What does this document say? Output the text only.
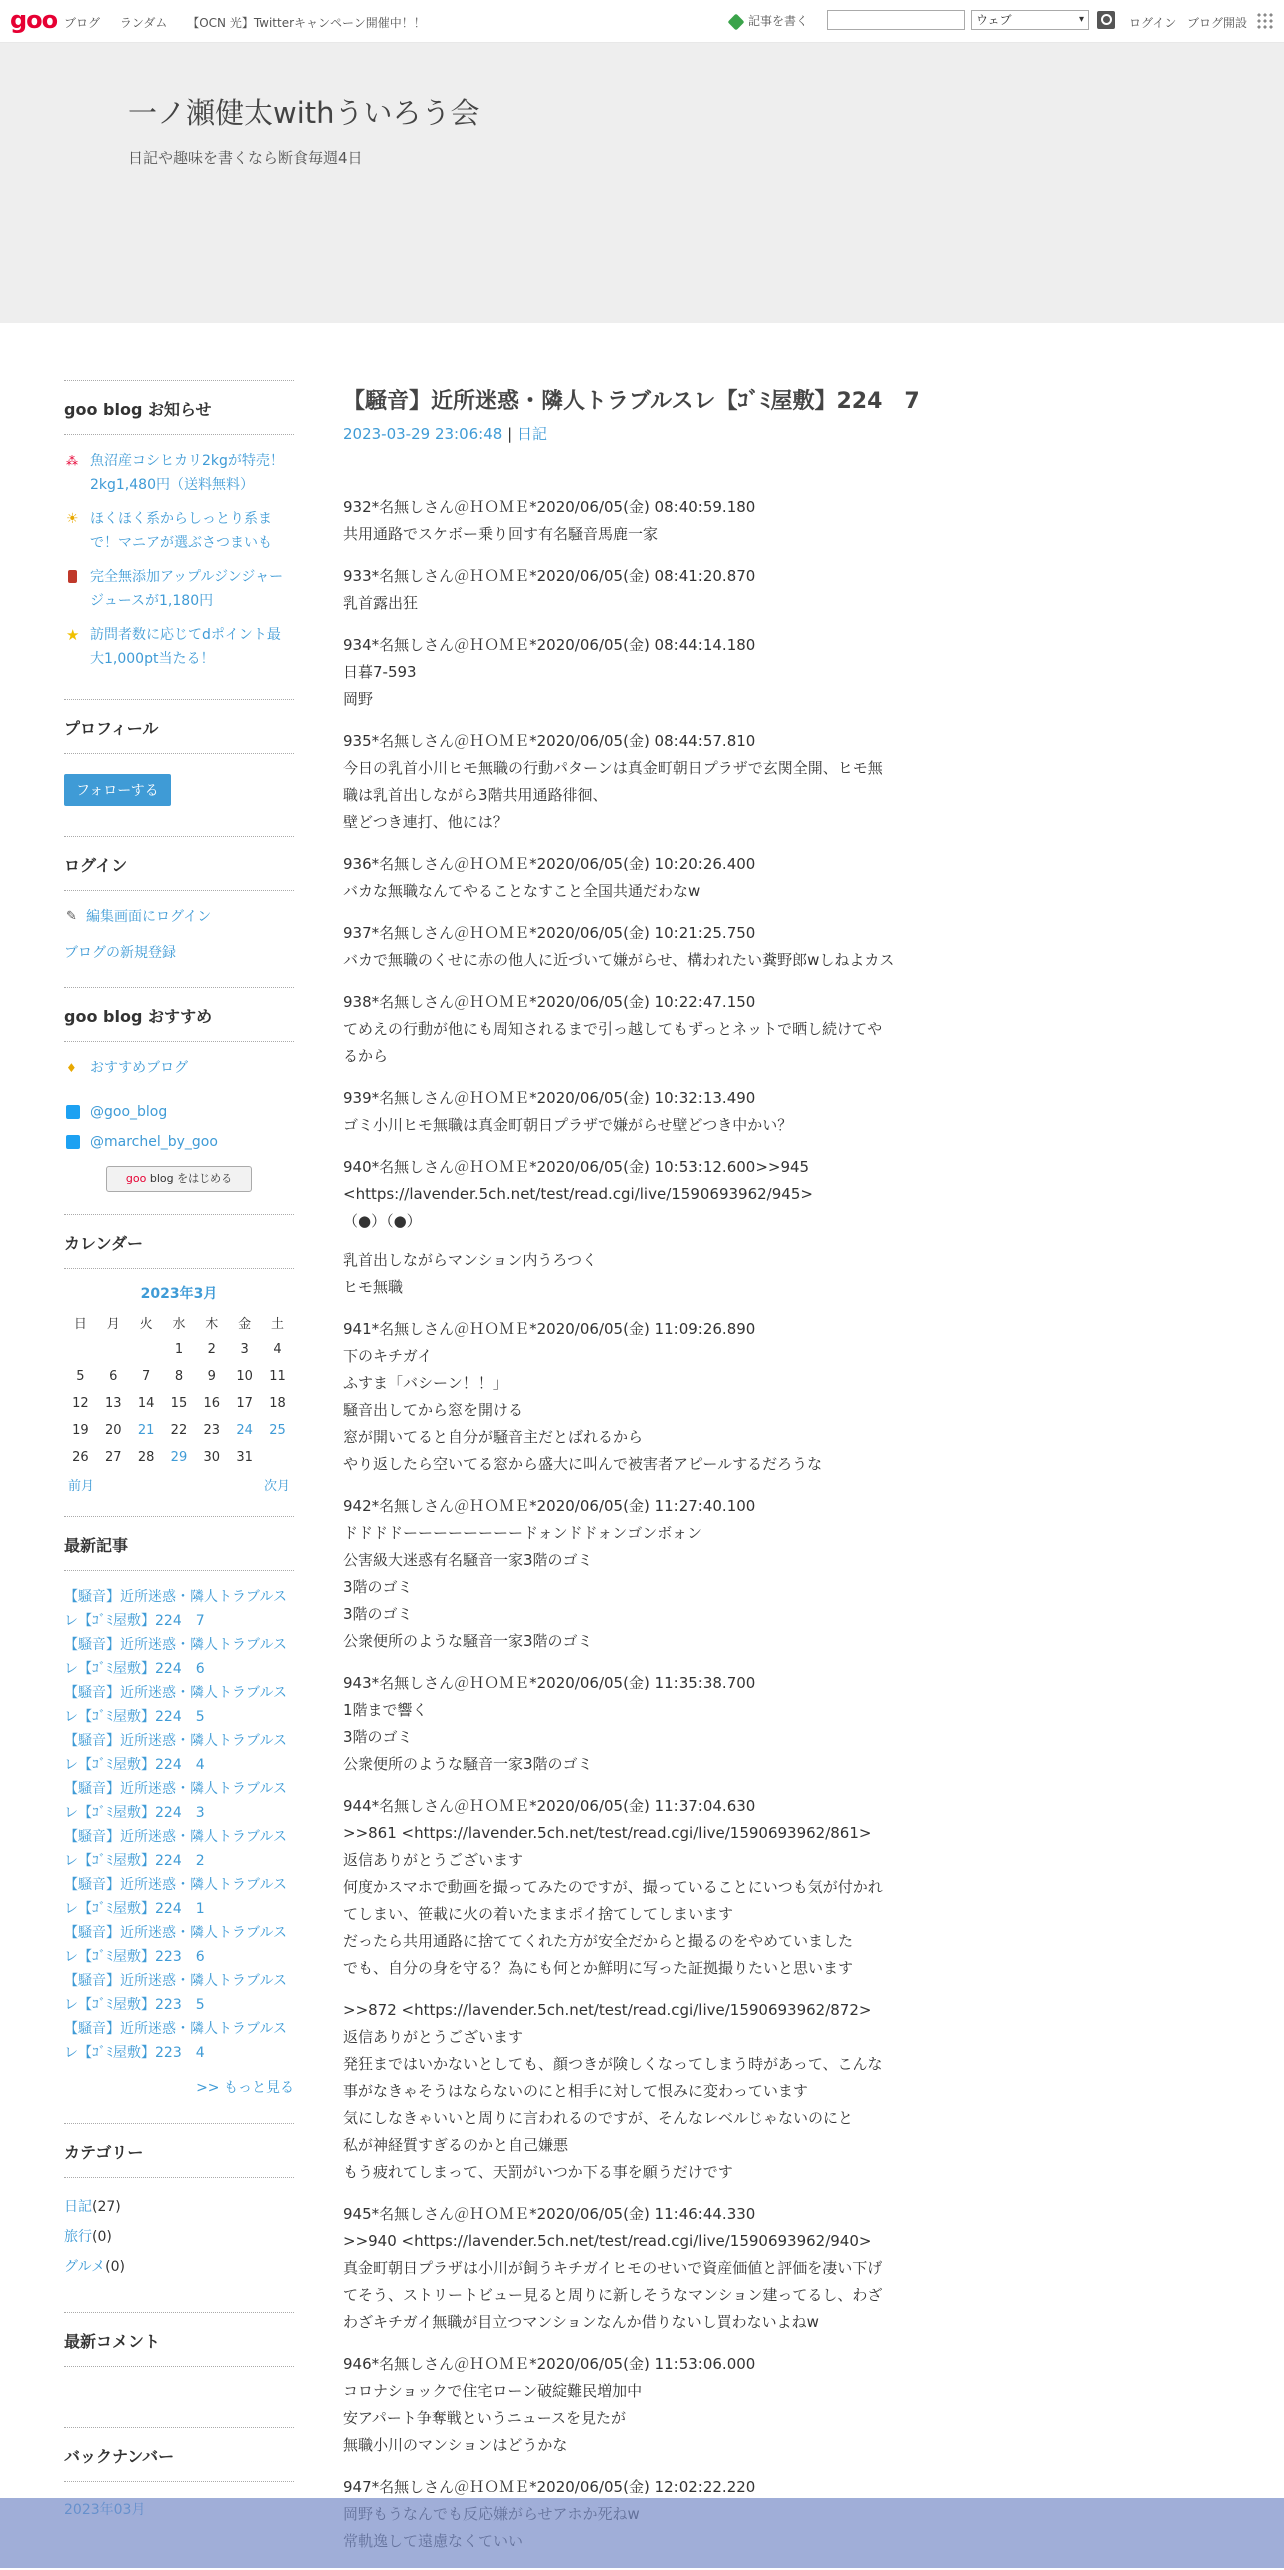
goo ブログ ランダム 【OCN 光】Twitterキャンペーン開催中！！	記事を書く	ウェブ	▾	ログイン ブログ開設
一ノ瀬健太withういろう会
日記や趣味を書くなら断食毎週4日
goo blog お知らせ
⁂ 魚沼産コシヒカリ2kgが特売！2kg1,480円（送料無料）
☀ ほくほく系からしっとり系まで！マニアが選ぶさつまいも
完全無添加アップルジンジャージュースが1,180円
★ 訪問者数に応じてdポイント最大1,000pt当たる！
プロフィール
フォローする
ログイン
✎ 編集画面にログイン
ブログの新規登録
goo blog おすすめ
♦ おすすめブログ
@goo_blog
@marchel_by_goo
goo blog をはじめる
カレンダー
2023年3月
日	月	火	水	木	金	土
			1	2	3	4
5	6	7	8	9	10	11
12	13	14	15	16	17	18
19	20	21	22	23	24	25
26	27	28	29	30	31	
前月	次月
最新記事
【騒音】近所迷惑・隣人トラブルスレ【ｺﾞﾐ屋敷】224　7
【騒音】近所迷惑・隣人トラブルスレ【ｺﾞﾐ屋敷】224　6
【騒音】近所迷惑・隣人トラブルスレ【ｺﾞﾐ屋敷】224　5
【騒音】近所迷惑・隣人トラブルスレ【ｺﾞﾐ屋敷】224　4
【騒音】近所迷惑・隣人トラブルスレ【ｺﾞﾐ屋敷】224　3
【騒音】近所迷惑・隣人トラブルスレ【ｺﾞﾐ屋敷】224　2
【騒音】近所迷惑・隣人トラブルスレ【ｺﾞﾐ屋敷】224　1
【騒音】近所迷惑・隣人トラブルスレ【ｺﾞﾐ屋敷】223　6
【騒音】近所迷惑・隣人トラブルスレ【ｺﾞﾐ屋敷】223　5
【騒音】近所迷惑・隣人トラブルスレ【ｺﾞﾐ屋敷】223　4
>> もっと見る
カテゴリー
日記(27)
旅行(0)
グルメ(0)
最新コメント
バックナンバー
【騒音】近所迷惑・隣人トラブルスレ【ｺﾞﾐ屋敷】224　7
2023-03-29 23:06:48 | 日記

932*名無しさん＠ＨＯＭＥ*2020/06/05(金) 08:40:59.180

共用通路でスケボー乗り回す有名騒音馬鹿一家

933*名無しさん＠ＨＯＭＥ*2020/06/05(金) 08:41:20.870

乳首露出狂

934*名無しさん＠ＨＯＭＥ*2020/06/05(金) 08:44:14.180

日暮7-593

岡野

935*名無しさん＠ＨＯＭＥ*2020/06/05(金) 08:44:57.810

今日の乳首小川ヒモ無職の行動パターンは真金町朝日プラザで玄関全開、ヒモ無

職は乳首出しながら3階共用通路徘徊、

壁どつき連打、他には？

936*名無しさん＠ＨＯＭＥ*2020/06/05(金) 10:20:26.400

バカな無職なんてやることなすこと全国共通だわなw

937*名無しさん＠ＨＯＭＥ*2020/06/05(金) 10:21:25.750

バカで無職のくせに赤の他人に近づいて嫌がらせ、構われたい糞野郎wしねよカス

938*名無しさん＠ＨＯＭＥ*2020/06/05(金) 10:22:47.150

てめえの行動が他にも周知されるまで引っ越してもずっとネットで晒し続けてや

るから

939*名無しさん＠ＨＯＭＥ*2020/06/05(金) 10:32:13.490

ゴミ小川ヒモ無職は真金町朝日プラザで嫌がらせ壁どつき中かい？

940*名無しさん＠ＨＯＭＥ*2020/06/05(金) 10:53:12.600>>945

<https://lavender.5ch.net/test/read.cgi/live/1590693962/945>

（●）（●）

乳首出しながらマンション内うろつく

ヒモ無職

941*名無しさん＠ＨＯＭＥ*2020/06/05(金) 11:09:26.890

下のキチガイ

ふすま「バシーン！！」

騒音出してから窓を開ける

窓が開いてると自分が騒音主だとばれるから

やり返したら空いてる窓から盛大に叫んで被害者アピールするだろうな

942*名無しさん＠ＨＯＭＥ*2020/06/05(金) 11:27:40.100

ドドドドーーーーーーーードォンドドォンゴンボォン

公害級大迷惑有名騒音一家3階のゴミ

3階のゴミ

3階のゴミ

公衆便所のような騒音一家3階のゴミ

943*名無しさん＠ＨＯＭＥ*2020/06/05(金) 11:35:38.700

1階まで響く

3階のゴミ

公衆便所のような騒音一家3階のゴミ

944*名無しさん＠ＨＯＭＥ*2020/06/05(金) 11:37:04.630

>>861 <https://lavender.5ch.net/test/read.cgi/live/1590693962/861>

返信ありがとうございます

何度かスマホで動画を撮ってみたのですが、撮っていることにいつも気が付かれ

てしまい、笹載に火の着いたままポイ捨てしてしまいます

だったら共用通路に捨ててくれた方が安全だからと撮るのをやめていました

でも、自分の身を守る？為にも何とか鮮明に写った証拠撮りたいと思います

>>872 <https://lavender.5ch.net/test/read.cgi/live/1590693962/872>

返信ありがとうございます

発狂まではいかないとしても、顔つきが険しくなってしまう時があって、こんな

事がなきゃそうはならないのにと相手に対して恨みに変わっています

気にしなきゃいいと周りに言われるのですが、そんなレベルじゃないのにと

私が神経質すぎるのかと自己嫌悪

もう疲れてしまって、天罰がいつか下る事を願うだけです

945*名無しさん＠ＨＯＭＥ*2020/06/05(金) 11:46:44.330

>>940 <https://lavender.5ch.net/test/read.cgi/live/1590693962/940>

真金町朝日プラザは小川が飼うキチガイヒモのせいで資産価値と評価を凄い下げ

てそう、ストリートビュー見ると周りに新しそうなマンション建ってるし、わざ

わざキチガイ無職が目立つマンションなんか借りないし買わないよねw

946*名無しさん＠ＨＯＭＥ*2020/06/05(金) 11:53:06.000

コロナショックで住宅ローン破綻難民増加中

安アパート争奪戦というニュースを見たが

無職小川のマンションはどうかな

947*名無しさん＠ＨＯＭＥ*2020/06/05(金) 12:02:22.220
